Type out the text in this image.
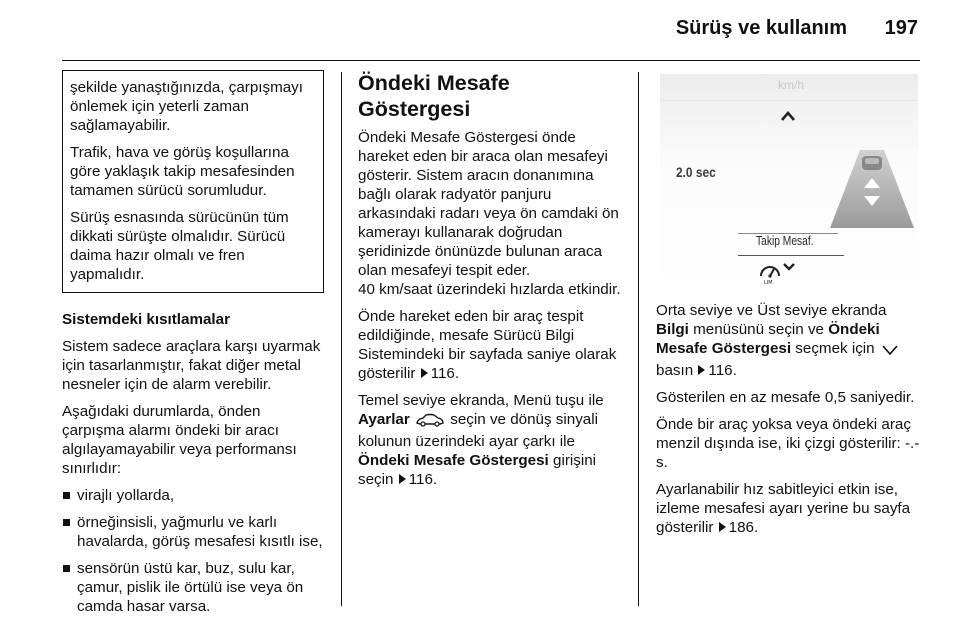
Sürüş ve kullanım 197

şekilde yanaştığınızda, çarpışmayı önlemek için yeterli zaman sağlamayabilir.

Trafik, hava ve görüş koşullarına göre yaklaşık takip mesafesinden tamamen sürücü sorumludur.

Sürüş esnasında sürücünün tüm dikkati sürüşte olmalıdır. Sürücü daima hazır olmalı ve fren yapmalıdır.

Sistemdeki kısıtlamalar

Sistem sadece araçlara karşı uyarmak için tasarlanmıştır, fakat diğer metal nesneler için de alarm verebilir.

Aşağıdaki durumlarda, önden çarpışma alarmı öndeki bir aracı algılayamayabilir veya performansı sınırlıdır:

virajlı yollarda,
örneğinsisli, yağmurlu ve karlı havalarda, görüş mesafesi kısıtlı ise,
sensörün üstü kar, buz, sulu kar, çamur, pislik ile örtülü ise veya ön camda hasar varsa.
Öndeki Mesafe Göstergesi

Öndeki Mesafe Göstergesi önde hareket eden bir araca olan mesafeyi gösterir. Sistem aracın donanımına bağlı olarak radyatör panjuru arkasındaki radarı veya ön camdaki ön kamerayı kullanarak doğrudan şeridinizde önünüzde bulunan araca olan mesafeyi tespit eder.

40 km/saat üzerindeki hızlarda etkindir.

Önde hareket eden bir araç tespit edildiğinde, mesafe Sürücü Bilgi Sistemindeki bir sayfada saniye olarak gösterilir 116.

Temel seviye ekranda, Menü tuşu ile
Ayarlar	seçin ve dönüş sinyali kolunun üzerindeki ayar çarkı ile
Öndeki Mesafe Göstergesi girişini seçin 116.

km/h
2.0 sec
Takip Mesaf.
LIM

Orta seviye ve Üst seviye ekranda
Bilgi menüsünü seçin ve Öndeki Mesafe Göstergesi seçmek için
basın 116.

Gösterilen en az mesafe 0,5 saniyedir.

Önde bir araç yoksa veya öndeki araç menzil dışında ise, iki çizgi gösterilir: -.- s.

Ayarlanabilir hız sabitleyici etkin ise, izleme mesafesi ayarı yerine bu sayfa gösterilir 186.
